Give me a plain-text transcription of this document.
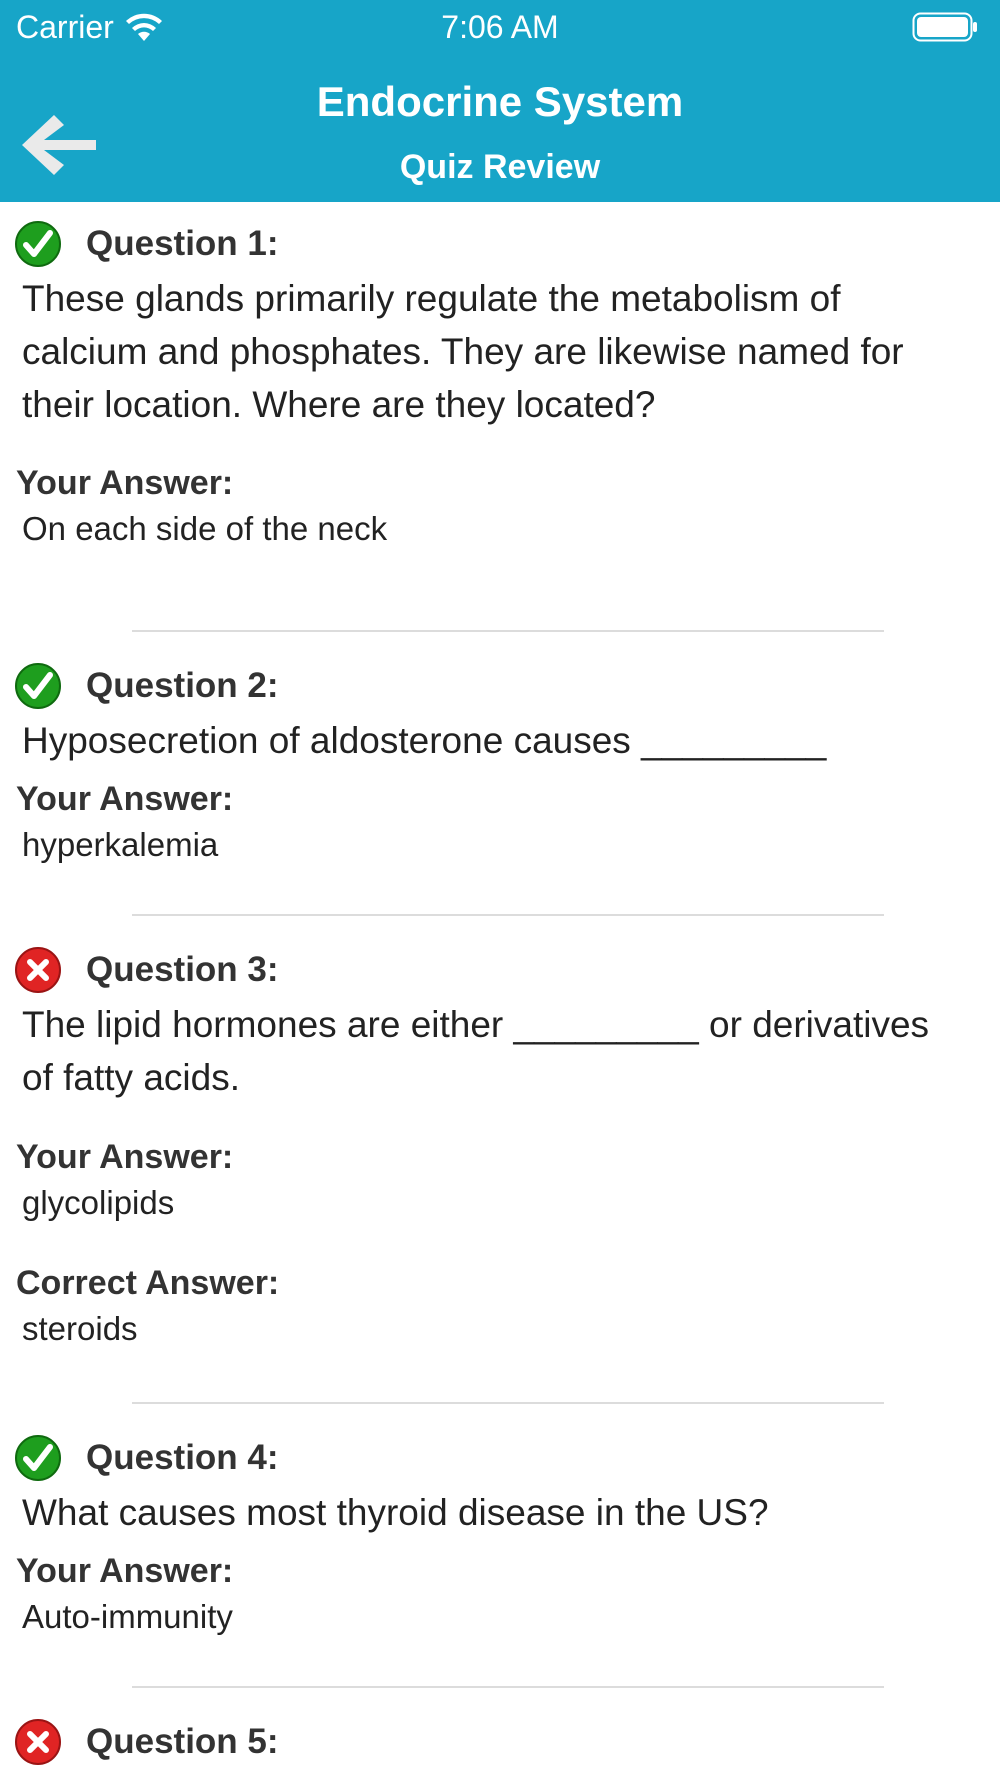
Carrier	7:06 AM
Endocrine System
Quiz Review
Question 1:
These glands primarily regulate the metabolism of calcium and phosphates. They are likewise named for their location. Where are they located?
Your Answer:
On each side of the neck
Question 2:
Hyposecretion of aldosterone causes _________
Your Answer:
hyperkalemia
Question 3:
The lipid hormones are either _________ or derivatives of fatty acids.
Your Answer:
glycolipids
Correct Answer:
steroids
Question 4:
What causes most thyroid disease in the US?
Your Answer:
Auto-immunity
Question 5:
